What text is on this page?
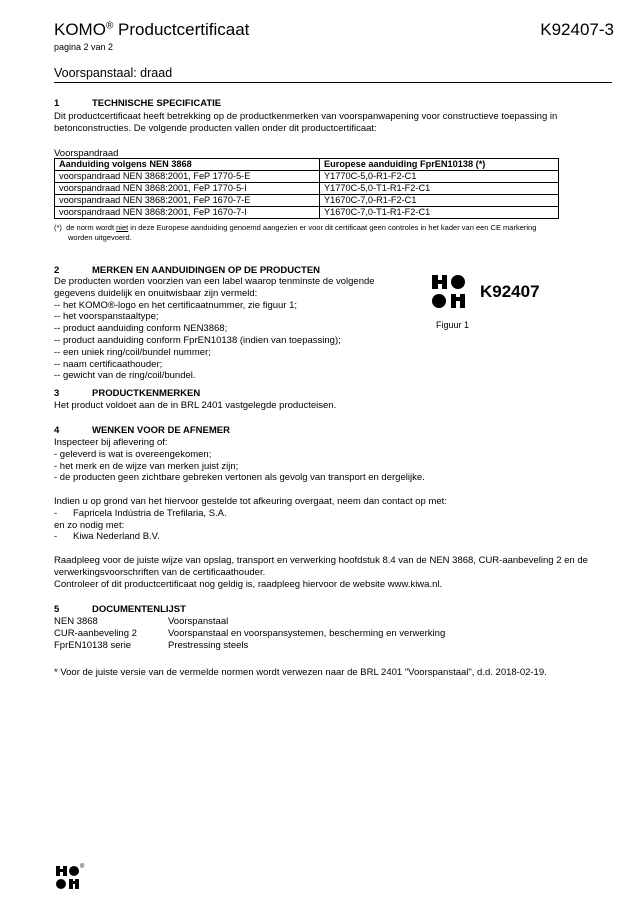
KOMO® Productcertificaat	K92407-3
pagina 2 van 2
Voorspanstaal: draad
1	TECHNISCHE SPECIFICATIE
Dit productcertificaat heeft betrekking op de productkenmerken van voorspanwapening voor constructieve toepassing in
betonconstructies. De volgende producten vallen onder dit productcertificaat:
Voorspandraad
Aanduiding volgens NEN 3868	Europese aanduiding FprEN10138 (*)
voorspandraad NEN 3868:2001, FeP 1770-5-E	Y1770C-5,0-R1-F2-C1
voorspandraad NEN 3868:2001, FeP 1770-5-I	Y1770C-5,0-T1-R1-F2-C1
voorspandraad NEN 3868:2001, FeP 1670-7-E	Y1670C-7,0-R1-F2-C1
voorspandraad NEN 3868:2001, FeP 1670-7-I	Y1670C-7,0-T1-R1-F2-C1
(*) de norm wordt niet in deze Europese aanduiding genoemd aangezien er voor dit certificaat geen controles in het kader van een CE markering
worden uitgevoerd.
2	MERKEN EN AANDUIDINGEN OP DE PRODUCTEN
De producten worden voorzien van een label waarop tenminste de volgende
gegevens duidelijk en onuitwisbaar zijn vermeld:
-- het KOMO®-logo en het certificaatnummer, zie figuur 1;
-- het voorspanstaaltype;
-- product aanduiding conform NEN3868;
-- product aanduiding conform FprEN10138 (indien van toepassing);
-- een uniek ring/coil/bundel nummer;
-- naam certificaathouder;
-- gewicht van de ring/coil/bundel.
K92407
Figuur 1
3	PRODUCTKENMERKEN
Het product voldoet aan de in BRL 2401 vastgelegde producteisen.
4	WENKEN VOOR DE AFNEMER
Inspecteer bij aflevering of:
- geleverd is wat is overeengekomen;
- het merk en de wijze van merken juist zijn;
- de producten geen zichtbare gebreken vertonen als gevolg van transport en dergelijke.
Indien u op grond van het hiervoor gestelde tot afkeuring overgaat, neem dan contact op met:
-      Fapricela Indústria de Trefilaria, S.A.
en zo nodig met:
-      Kiwa Nederland B.V.
Raadpleeg voor de juiste wijze van opslag, transport en verwerking hoofdstuk 8.4 van de NEN 3868, CUR-aanbeveling 2 en de
verwerkingsvoorschriften van de certificaathouder.
Controleer of dit productcertificaat nog geldig is, raadpleeg hiervoor de website www.kiwa.nl.
5	DOCUMENTENLIJST
NEN 3868	Voorspanstaal
CUR-aanbeveling 2	Voorspanstaal en voorspansystemen, bescherming en verwerking
FprEN10138 serie	Prestressing steels
* Voor de juiste versie van de vermelde normen wordt verwezen naar de BRL 2401 "Voorspanstaal", d.d. 2018-02-19.
®
